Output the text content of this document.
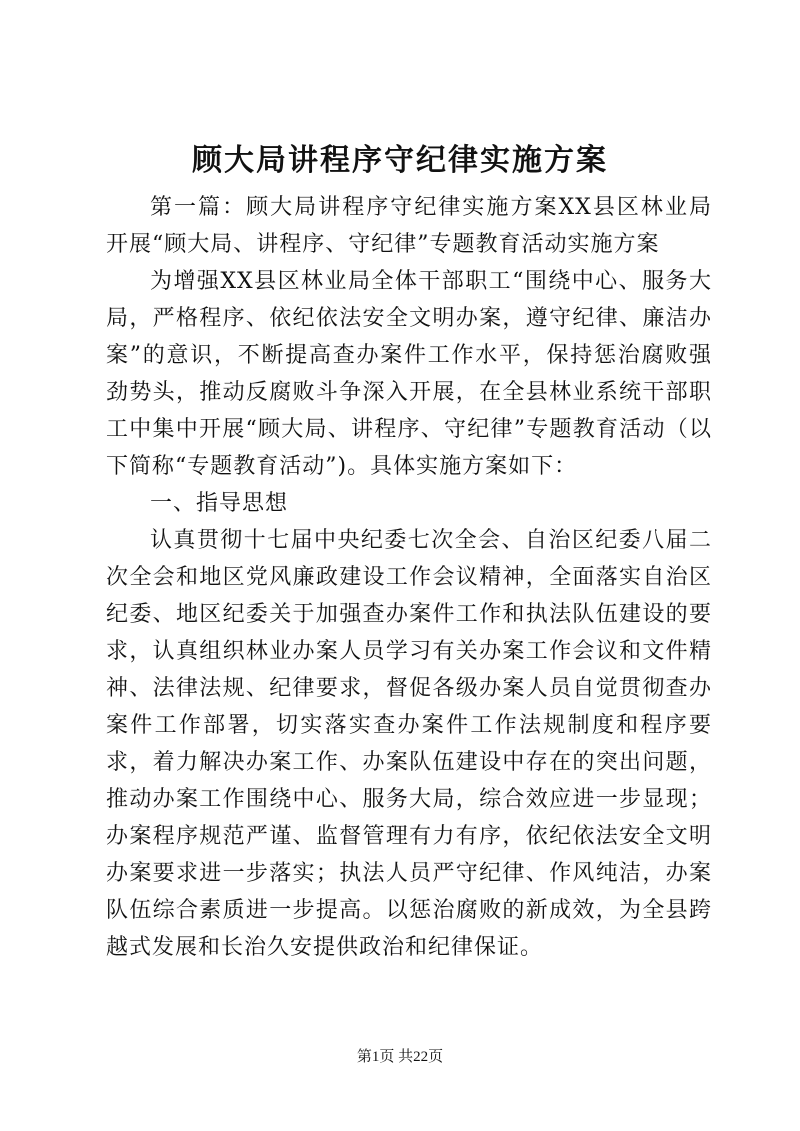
顾大局讲程序守纪律实施方案

第一篇：顾大局讲程序守纪律实施方案XX县区林业局开展“顾大局、讲程序、守纪律”专题教育活动实施方案

为增强XX县区林业局全体干部职工“围绕中心、服务大局，严格程序、依纪依法安全文明办案，遵守纪律、廉洁办案”的意识，不断提高查办案件工作水平，保持惩治腐败强劲势头，推动反腐败斗争深入开展，在全县林业系统干部职工中集中开展“顾大局、讲程序、守纪律”专题教育活动（以下简称“专题教育活动”)。具体实施方案如下：

一、指导思想

认真贯彻十七届中央纪委七次全会、自治区纪委八届二次全会和地区党风廉政建设工作会议精神，全面落实自治区纪委、地区纪委关于加强查办案件工作和执法队伍建设的要求，认真组织林业办案人员学习有关办案工作会议和文件精神、法律法规、纪律要求，督促各级办案人员自觉贯彻查办案件工作部署，切实落实查办案件工作法规制度和程序要求，着力解决办案工作、办案队伍建设中存在的突出问题，推动办案工作围绕中心、服务大局，综合效应进一步显现；办案程序规范严谨、监督管理有力有序，依纪依法安全文明办案要求进一步落实；执法人员严守纪律、作风纯洁，办案队伍综合素质进一步提高。以惩治腐败的新成效，为全县跨越式发展和长治久安提供政治和纪律保证。

第1页 共22页
